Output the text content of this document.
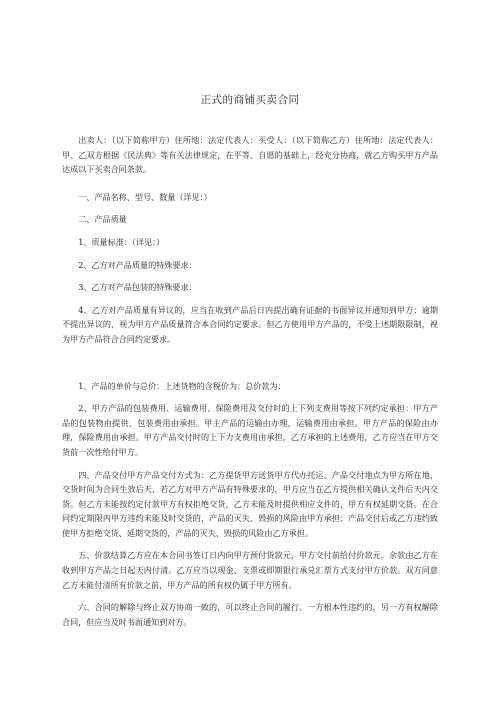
正式的商铺买卖合同

出卖人：（以下简称甲方）住所地：法定代表人：买受人：（以下简称乙方）住所地：法定代表人：甲、乙双方根据《民法典》等有关法律规定，在平等、自愿的基础上，经充分协商，就乙方购买甲方产品达成以下买卖合同条款。

一、产品名称、型号、数量（详见：）

二、产品质量

1、质量标准：（详见：）

2、乙方对产品质量的特殊要求：

3、乙方对产品包装的特殊要求：

4、乙方对产品质量有异议的，应当在收到产品后日内提出确有证据的书面异议并通知到甲方；逾期不提出异议的，视为甲方产品质量符合本合同约定要求。但乙方使用甲方产品的，不受上述期限限制，视为甲方产品符合合同约定要求。

1、产品的单价与总价：上述货物的含税价为：总价款为：

2、甲方产品的包装费用、运输费用、保险费用及交付时的上下列支费用等按下列约定承担：甲方产品的包装物由提供，包装费用由承担。甲主产品的运输由办理，运输费用由承担。甲方产品的保险由办理，保险费用由承担。甲方产品交付时的上下力支费用由承担，乙方承担的上述费用，乙方应当在甲方交货前一次性给付甲方。

四、产品交付甲方产品交付方式为：乙方提货甲方送货甲方代办托运。产品交付地点为甲方所在地，交货时间为合同生效后天，若乙方对甲方产品有特殊要求的，甲方应当在乙方提供相关确认文件后天内交货。但乙方未能按约定付款甲方有权拒绝交货，乙方未能及时提供相应文件的，甲方有权延期交货。在合同约定期限内甲方违约未能及时交货的，产品的灭失、毁损的风险由甲方承担；产品交付后或乙方违约致使甲方拒绝交货、延期交货的，产品的灭失、毁损的风险由乙方承担。

五、价款结算乙方应在本合同书签订日内向甲方预付货款元，甲方交付前给付价款元，余款由乙方在收到甲方产品之日起天内付清。乙方应当以现金、支票或即期银行承兑汇票方式支付甲方价款。双方同意乙方未能付清所有价款之前，甲方产品的所有权仍属于甲方所有。

六、合同的解除与终止双方协商一致的，可以终止合同的履行。一方根本性违约的，另一方有权解除合同，但应当及时书面通知到对方。
